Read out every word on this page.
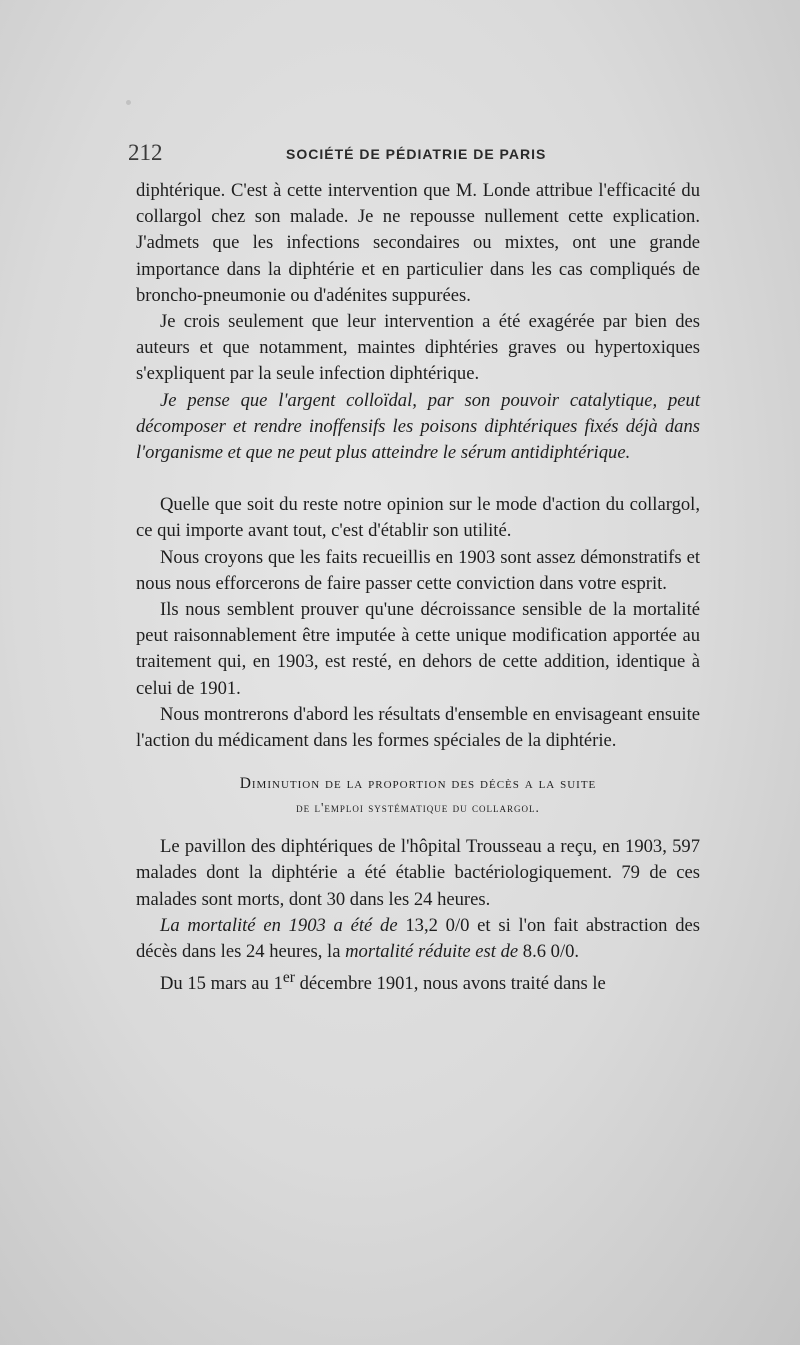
212	SOCIÉTÉ DE PÉDIATRIE DE PARIS

diphtérique. C'est à cette intervention que M. Londe attribue l'efficacité du collargol chez son malade. Je ne repousse nullement cette explication. J'admets que les infections secondaires ou mixtes, ont une grande importance dans la diphtérie et en particulier dans les cas compliqués de broncho-pneumonie ou d'adénites suppurées.

Je crois seulement que leur intervention a été exagérée par bien des auteurs et que notamment, maintes diphtéries graves ou hypertoxiques s'expliquent par la seule infection diphtérique.

Je pense que l'argent colloïdal, par son pouvoir catalytique, peut décomposer et rendre inoffensifs les poisons diphtériques fixés déjà dans l'organisme et que ne peut plus atteindre le sérum antidiphtérique.

Quelle que soit du reste notre opinion sur le mode d'action du collargol, ce qui importe avant tout, c'est d'établir son utilité.

Nous croyons que les faits recueillis en 1903 sont assez démonstratifs et nous nous efforcerons de faire passer cette conviction dans votre esprit.

Ils nous semblent prouver qu'une décroissance sensible de la mortalité peut raisonnablement être imputée à cette unique modification apportée au traitement qui, en 1903, est resté, en dehors de cette addition, identique à celui de 1901.

Nous montrerons d'abord les résultats d'ensemble en envisageant ensuite l'action du médicament dans les formes spéciales de la diphtérie.

Diminution de la proportion des décès a la suite
de l'emploi systématique du collargol.

Le pavillon des diphtériques de l'hôpital Trousseau a reçu, en 1903, 597 malades dont la diphtérie a été établie bactériologiquement. 79 de ces malades sont morts, dont 30 dans les 24 heures.

La mortalité en 1903 a été de 13,2 0/0 et si l'on fait abstraction des décès dans les 24 heures, la mortalité réduite est de 8.6 0/0.

Du 15 mars au 1er décembre 1901, nous avons traité dans le
